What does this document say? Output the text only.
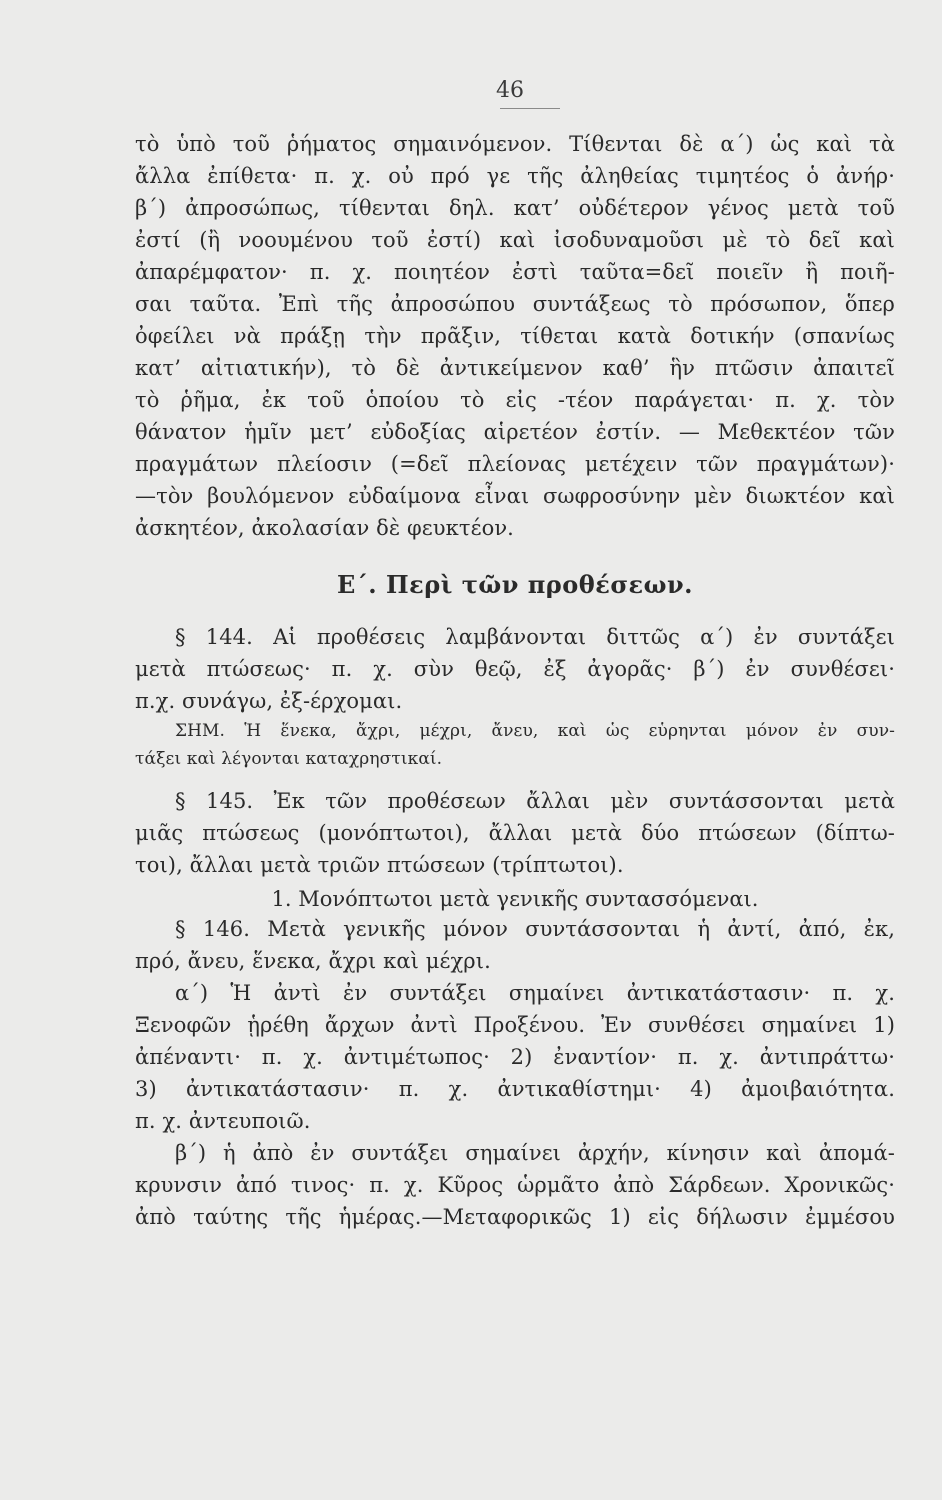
46
τὸ ὑπὸ τοῦ ῥήματος σημαινόμενον. Τίθενται δὲ α΄) ὡς καὶ τὰ
ἄλλα ἐπίθετα· π. χ. οὐ πρό γε τῆς ἀληθείας τιμητέος ὁ ἀνήρ·
β΄) ἀπροσώπως, τίθενται δηλ. κατ’ οὐδέτερον γένος μετὰ τοῦ
ἐστί (ἢ νοουμένου τοῦ ἐστί) καὶ ἰσοδυναμοῦσι μὲ τὸ δεῖ καὶ
ἀπαρέμφατον· π. χ. ποιητέον ἐστὶ ταῦτα=δεῖ ποιεῖν ἢ ποιῆ-
σαι ταῦτα. Ἐπὶ τῆς ἀπροσώπου συντάξεως τὸ πρόσωπον, ὅπερ
ὀφείλει νὰ πράξῃ τὴν πρᾶξιν, τίθεται κατὰ δοτικήν (σπανίως
κατ’ αἰτιατικήν), τὸ δὲ ἀντικείμενον καθ’ ἣν πτῶσιν ἀπαιτεῖ
τὸ ῥῆμα, ἐκ τοῦ ὁποίου τὸ εἰς -τέον παράγεται· π. χ. τὸν
θάνατον ἡμῖν μετ’ εὐδοξίας αἱρετέον ἐστίν. — Μεθεκτέον τῶν
πραγμάτων πλείοσιν (=δεῖ πλείονας μετέχειν τῶν πραγμάτων)·
—τὸν βουλόμενον εὐδαίμονα εἶναι σωφροσύνην μὲν διωκτέον καὶ
ἀσκητέον, ἀκολασίαν δὲ φευκτέον.
Ε΄. Περὶ τῶν προθέσεων.
§ 144. Αἱ προθέσεις λαμβάνονται διττῶς α΄) ἐν συντάξει
μετὰ πτώσεως· π. χ. σὺν θεῷ, ἐξ ἀγορᾶς· β΄) ἐν συνθέσει·
π.χ. συνάγω, ἐξ-έρχομαι.
ΣΗΜ. Ἡ ἕνεκα, ἄχρι, μέχρι, ἄνευ, καὶ ὡς εὑρηνται μόνον ἐν συν-
τάξει καὶ λέγονται καταχρηστικαί.
§ 145. Ἐκ τῶν προθέσεων ἄλλαι μὲν συντάσσονται μετὰ
μιᾶς πτώσεως (μονόπτωτοι), ἄλλαι μετὰ δύο πτώσεων (δίπτω-
τοι), ἄλλαι μετὰ τριῶν πτώσεων (τρίπτωτοι).
1. Μονόπτωτοι μετὰ γενικῆς συντασσόμεναι.
§ 146. Μετὰ γενικῆς μόνον συντάσσονται ἡ ἀντί, ἀπό, ἐκ,
πρό, ἄνευ, ἕνεκα, ἄχρι καὶ μέχρι.
α΄) Ἡ ἀντὶ ἐν συντάξει σημαίνει ἀντικατάστασιν· π. χ.
Ξενοφῶν ᾑρέθη ἄρχων ἀντὶ Προξένου. Ἐν συνθέσει σημαίνει 1)
ἀπέναντι· π. χ. ἀντιμέτωπος· 2) ἐναντίον· π. χ. ἀντιπράττω·
3) ἀντικατάστασιν· π. χ. ἀντικαθίστημι· 4) ἀμοιβαιότητα.
π. χ. ἀντευποιῶ.
β΄) ἡ ἀπὸ ἐν συντάξει σημαίνει ἀρχήν, κίνησιν καὶ ἀπομά-
κρυνσιν ἀπό τινος· π. χ. Κῦρος ὡρμᾶτο ἀπὸ Σάρδεων. Χρονικῶς·
ἀπὸ ταύτης τῆς ἡμέρας.—Μεταφορικῶς 1) εἰς δήλωσιν ἐμμέσου
